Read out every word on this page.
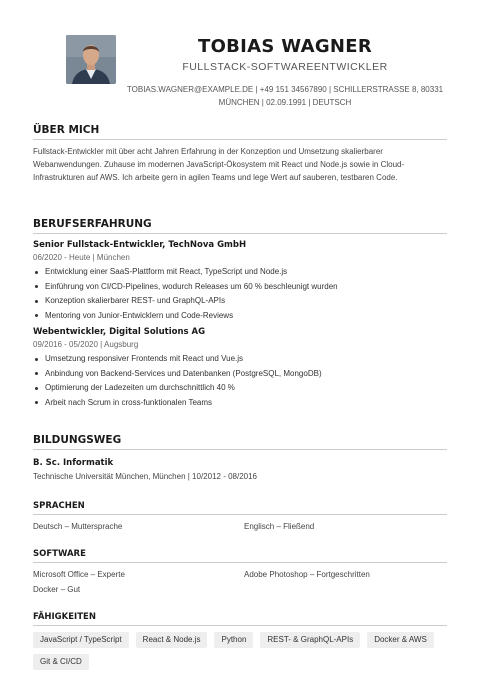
TOBIAS WAGNER
FULLSTACK-SOFTWAREENTWICKLER
TOBIAS.WAGNER@EXAMPLE.DE | +49 151 34567890 | SCHILLERSTRASSE 8, 80331
MÜNCHEN | 02.09.1991 | DEUTSCH
ÜBER MICH

Fullstack-Entwickler mit über acht Jahren Erfahrung in der Konzeption und Umsetzung skalierbarer Webanwendungen. Zuhause im modernen JavaScript-Ökosystem mit React und Node.js sowie in Cloud-Infrastrukturen auf AWS. Ich arbeite gern in agilen Teams und lege Wert auf sauberen, testbaren Code.

BERUFSERFAHRUNG
Senior Fullstack-Entwickler, TechNova GmbH
06/2020 - Heute | München
Entwicklung einer SaaS-Plattform mit React, TypeScript und Node.js
Einführung von CI/CD-Pipelines, wodurch Releases um 60 % beschleunigt wurden
Konzeption skalierbarer REST- und GraphQL-APIs
Mentoring von Junior-Entwicklern und Code-Reviews
Webentwickler, Digital Solutions AG
09/2016 - 05/2020 | Augsburg
Umsetzung responsiver Frontends mit React und Vue.js
Anbindung von Backend-Services und Datenbanken (PostgreSQL, MongoDB)
Optimierung der Ladezeiten um durchschnittlich 40 %
Arbeit nach Scrum in cross-funktionalen Teams
BILDUNGSWEG
B. Sc. Informatik
Technische Universität München, München | 10/2012 - 08/2016
SPRACHEN
Deutsch – Muttersprache	Englisch – Fließend
SOFTWARE
Microsoft Office – Experte	Adobe Photoshop – Fortgeschritten
Docker – Gut
FÄHIGKEITEN
JavaScript / TypeScript	React & Node.js	Python	REST- & GraphQL-APIs	Docker & AWS
Git & CI/CD
